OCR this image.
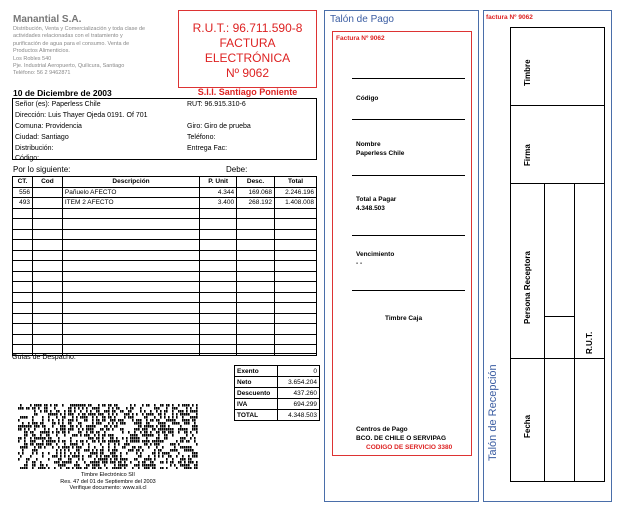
Manantial S.A.
Distribución, Venta y Comercialización y toda clase de
actividades relacionadas con el tratamiento y
purificación de agua para el consumo. Venta de
Productos Alimenticios.
Los Robles 540
Pje. Industrial Aeropuerto, Quilicura, Santiago
Teléfono: 56 2 9462871
R.U.T.: 96.711.590-8
FACTURA ELECTRÓNICA
Nº 9062
S.I.I. Santiago Poniente
10 de Diciembre de 2003
Señor (es): Paperless Chile	RUT: 96.915.310-6
Dirección: Luis Thayer Ojeda 0191. Of 701
Comuna: Providencia	Giro: Giro de prueba
Ciudad: Santiago	Teléfono:
Distribución:	Entrega Fac:
Código:
Por lo siguiente:	Debe:
CT.	Cod	Descripción	P. Unit	Desc.	Total
556		Pañuelo AFECTO	4.344	169.068	2.246.196
493		ITEM 2 AFECTO	3.400	268.192	1.408.008

Guías de Despacho:
Exento	0
Neto	3.654.204
Descuento	437.260
IVA	694.299
TOTAL	4.348.503
Timbre Electrónico SII
Res. 47 del 01 de Septiembre del 2003
Verifique documento: www.sii.cl
Talón de Pago
Factura Nº 9062
Código
Nombre
Paperless Chile
Total a Pagar
4.348.503
Vencimiento
- -
Timbre Caja
Centros de Pago
BCO. DE CHILE O SERVIPAG
CODIGO DE SERVICIO 3380
factura Nº 9062
Talón de Recepción
Timbre
Firma
Persona Receptora
R.U.T.
Fecha
